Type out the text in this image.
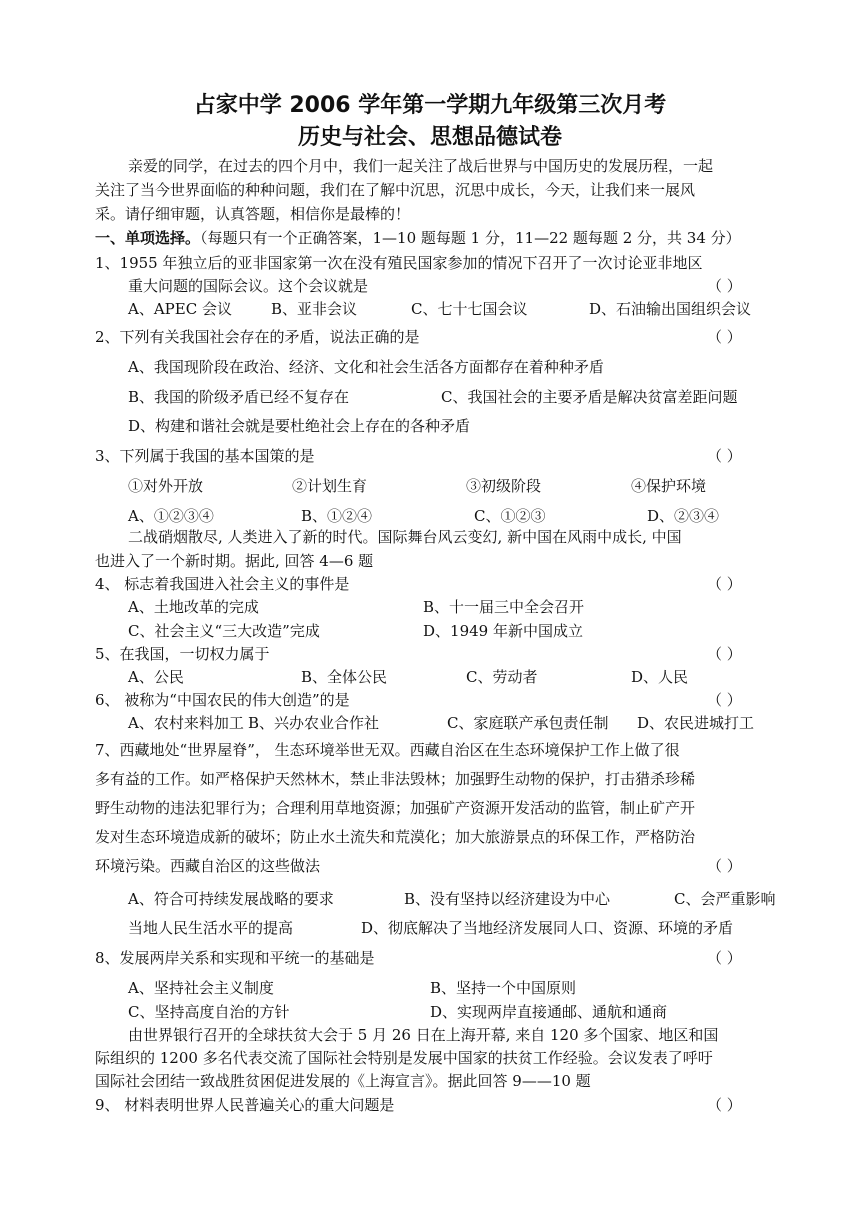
占家中学 2006 学年第一学期九年级第三次月考
历史与社会、思想品德试卷
亲爱的同学，在过去的四个月中，我们一起关注了战后世界与中国历史的发展历程，一起
关注了当今世界面临的种种问题，我们在了解中沉思，沉思中成长，今天，让我们来一展风
采。请仔细审题，认真答题，相信你是最棒的！
一、单项选择。（每题只有一个正确答案，1—10 题每题 1 分，11—22 题每题 2 分，共 34 分）
1、1955 年独立后的亚非国家第一次在没有殖民国家参加的情况下召开了一次讨论亚非地区
重大问题的国际会议。这个会议就是	（ ）
A、APEC 会议	B、亚非会议	C、七十七国会议	D、石油输出国组织会议
2、下列有关我国社会存在的矛盾，说法正确的是	（ ）
A、我国现阶段在政治、经济、文化和社会生活各方面都存在着种种矛盾
B、我国的阶级矛盾已经不复存在	C、我国社会的主要矛盾是解决贫富差距问题
D、构建和谐社会就是要杜绝社会上存在的各种矛盾
3、下列属于我国的基本国策的是	（ ）
①对外开放	②计划生育	③初级阶段	④保护环境
A、①②③④	B、①②④	C、①②③	D、②③④
二战硝烟散尽, 人类进入了新的时代。国际舞台风云变幻, 新中国在风雨中成长, 中国
也进入了一个新时期。据此, 回答 4—6 题
4、 标志着我国进入社会主义的事件是	（ ）
A、土地改革的完成	B、十一届三中全会召开
C、社会主义“三大改造”完成	D、1949 年新中国成立
5、在我国，一切权力属于	（ ）
A、公民	B、全体公民	C、劳动者	D、人民
6、 被称为“中国农民的伟大创造”的是	（ ）
A、农村来料加工 B、兴办农业合作社	C、家庭联产承包责任制 D、农民进城打工
7、西藏地处“世界屋脊”， 生态环境举世无双。西藏自治区在生态环境保护工作上做了很
多有益的工作。如严格保护天然林木，禁止非法毁林；加强野生动物的保护，打击猎杀珍稀
野生动物的违法犯罪行为；合理利用草地资源；加强矿产资源开发活动的监管，制止矿产开
发对生态环境造成新的破坏；防止水土流失和荒漠化；加大旅游景点的环保工作，严格防治
环境污染。西藏自治区的这些做法	（ ）
A、符合可持续发展战略的要求	B、没有坚持以经济建设为中心	C、会严重影响
当地人民生活水平的提高	D、彻底解决了当地经济发展同人口、资源、环境的矛盾
8、发展两岸关系和实现和平统一的基础是	（ ）
A、坚持社会主义制度	B、坚持一个中国原则
C、坚持高度自治的方针	D、实现两岸直接通邮、通航和通商
由世界银行召开的全球扶贫大会于 5 月 26 日在上海开幕, 来自 120 多个国家、地区和国
际组织的 1200 多名代表交流了国际社会特别是发展中国家的扶贫工作经验。会议发表了呼吁
国际社会团结一致战胜贫困促进发展的《上海宣言》。据此回答 9——10 题
9、 材料表明世界人民普遍关心的重大问题是	（ ）
